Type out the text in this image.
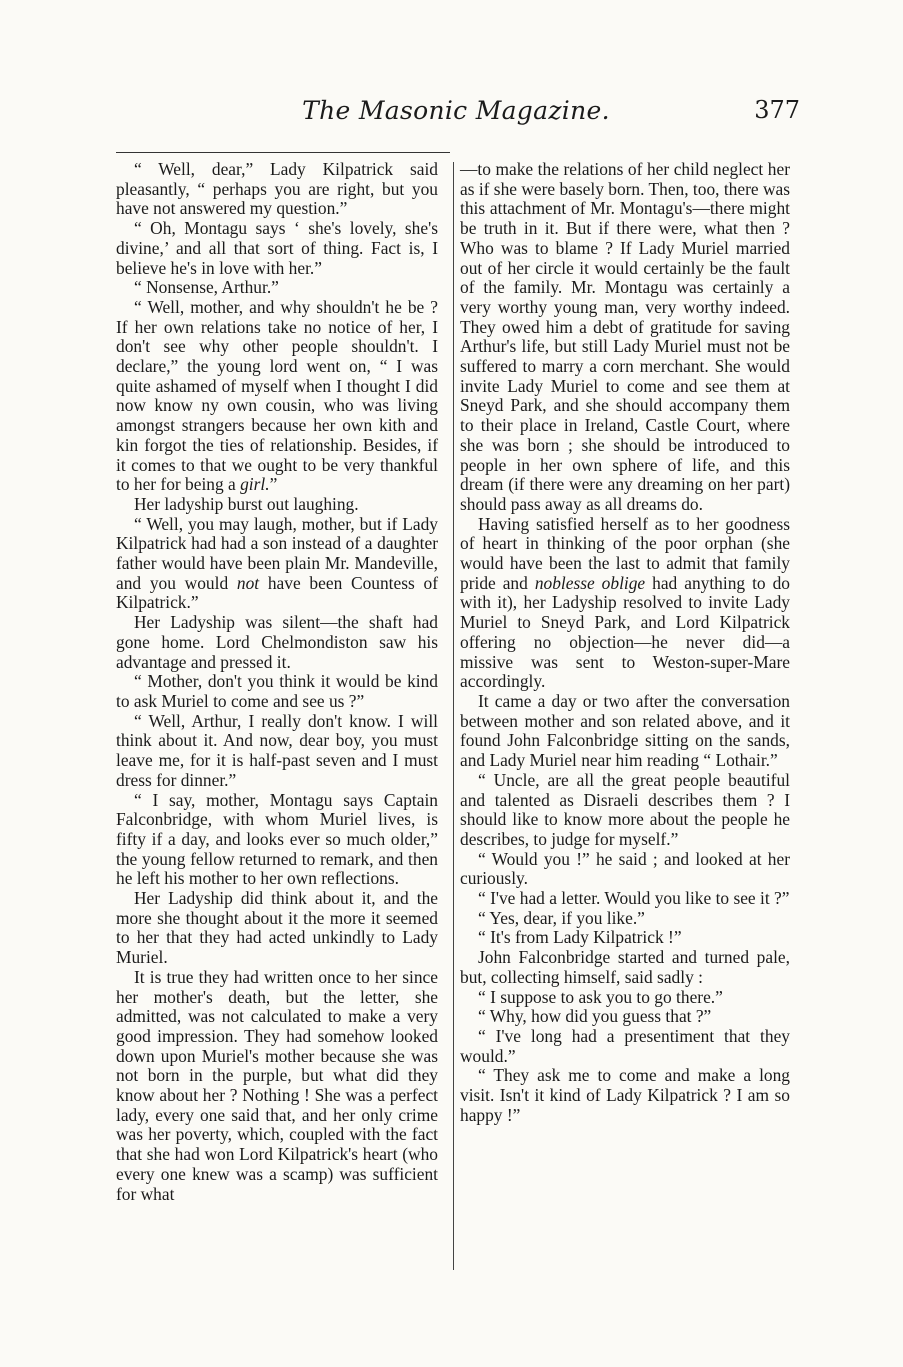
The Masonic Magazine.	377

“ Well, dear,” Lady Kilpatrick said pleasantly, “ perhaps you are right, but you have not answered my question.”

“ Oh, Montagu says ‘ she's lovely, she's divine,’ and all that sort of thing. Fact is, I believe he's in love with her.”

“ Nonsense, Arthur.”

“ Well, mother, and why shouldn't he be ? If her own relations take no notice of her, I don't see why other people shouldn't. I declare,” the young lord went on, “ I was quite ashamed of myself when I thought I did now know ny own cousin, who was living amongst strangers because her own kith and kin forgot the ties of relationship. Besides, if it comes to that we ought to be very thankful to her for being a girl.”

Her ladyship burst out laughing.

“ Well, you may laugh, mother, but if Lady Kilpatrick had had a son instead of a daughter father would have been plain Mr. Mandeville, and you would not have been Countess of Kilpatrick.”

Her Ladyship was silent—the shaft had gone home. Lord Chelmondiston saw his advantage and pressed it.

“ Mother, don't you think it would be kind to ask Muriel to come and see us ?”

“ Well, Arthur, I really don't know. I will think about it. And now, dear boy, you must leave me, for it is half-past seven and I must dress for dinner.”

“ I say, mother, Montagu says Captain Falconbridge, with whom Muriel lives, is fifty if a day, and looks ever so much older,” the young fellow returned to remark, and then he left his mother to her own reflections.

Her Ladyship did think about it, and the more she thought about it the more it seemed to her that they had acted unkindly to Lady Muriel.

It is true they had written once to her since her mother's death, but the letter, she admitted, was not calculated to make a very good impression. They had somehow looked down upon Muriel's mother because she was not born in the purple, but what did they know about her ? Nothing ! She was a perfect lady, every one said that, and her only crime was her poverty, which, coupled with the fact that she had won Lord Kilpatrick's heart (who every one knew was a scamp) was sufficient for what

—to make the relations of her child neglect her as if she were basely born. Then, too, there was this attachment of Mr. Montagu's—there might be truth in it. But if there were, what then ? Who was to blame ? If Lady Muriel married out of her circle it would certainly be the fault of the family. Mr. Montagu was certainly a very worthy young man, very worthy indeed. They owed him a debt of gratitude for saving Arthur's life, but still Lady Muriel must not be suffered to marry a corn merchant. She would invite Lady Muriel to come and see them at Sneyd Park, and she should accompany them to their place in Ireland, Castle Court, where she was born ; she should be introduced to people in her own sphere of life, and this dream (if there were any dreaming on her part) should pass away as all dreams do.

Having satisfied herself as to her goodness of heart in thinking of the poor orphan (she would have been the last to admit that family pride and noblesse oblige had anything to do with it), her Ladyship resolved to invite Lady Muriel to Sneyd Park, and Lord Kilpatrick offering no objection—he never did—a missive was sent to Weston-super-Mare accordingly.

It came a day or two after the conversation between mother and son related above, and it found John Falconbridge sitting on the sands, and Lady Muriel near him reading “ Lothair.”

“ Uncle, are all the great people beautiful and talented as Disraeli describes them ? I should like to know more about the people he describes, to judge for myself.”

“ Would you !” he said ; and looked at her curiously.

“ I've had a letter. Would you like to see it ?”

“ Yes, dear, if you like.”

“ It's from Lady Kilpatrick !”

John Falconbridge started and turned pale, but, collecting himself, said sadly :

“ I suppose to ask you to go there.”

“ Why, how did you guess that ?”

“ I've long had a presentiment that they would.”

“ They ask me to come and make a long visit. Isn't it kind of Lady Kilpatrick ? I am so happy !”
